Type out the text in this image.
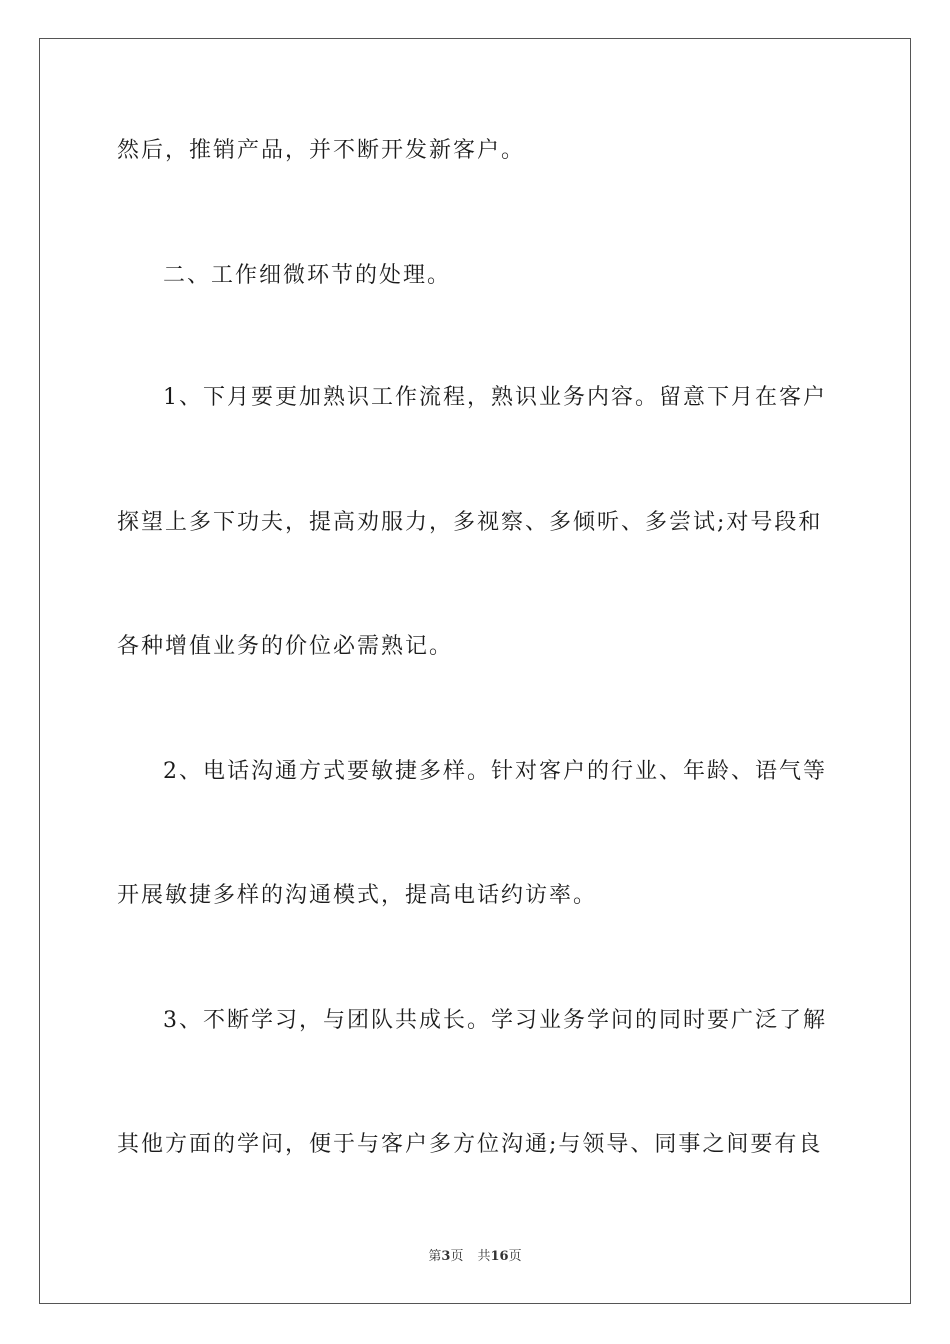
然后，推销产品，并不断开发新客户。
二、工作细微环节的处理。
1、下月要更加熟识工作流程，熟识业务内容。留意下月在客户
探望上多下功夫，提高劝服力，多视察、多倾听、多尝试;对号段和
各种增值业务的价位必需熟记。
2、电话沟通方式要敏捷多样。针对客户的行业、年龄、语气等
开展敏捷多样的沟通模式，提高电话约访率。
3、不断学习，与团队共成长。学习业务学问的同时要广泛了解
其他方面的学问，便于与客户多方位沟通;与领导、同事之间要有良
第3页 共16页
